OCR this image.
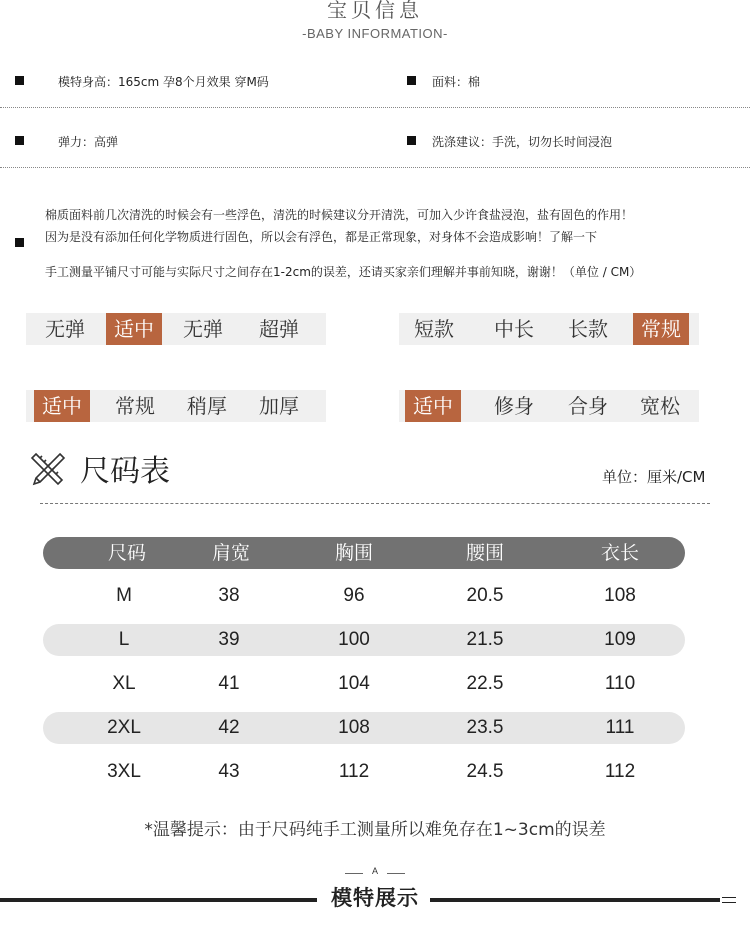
宝贝信息
-BABY INFORMATION-
模特身高：165cm 孕8个月效果 穿M码	面料：棉
弹力：高弹	洗涤建议：手洗，切勿长时间浸泡
棉质面料前几次清洗的时候会有一些浮色，清洗的时候建议分开清洗，可加入少许食盐浸泡，盐有固色的作用！
因为是没有添加任何化学物质进行固色，所以会有浮色，都是正常现象，对身体不会造成影响！了解一下
手工测量平铺尺寸可能与实际尺寸之间存在1-2cm的误差，还请买家亲们理解并事前知晓，谢谢！（单位 / CM）
无弹	适中	无弹	超弹	短款	中长	长款	常规
适中	常规	稍厚	加厚	适中	修身	合身	宽松
尺码表	单位：厘米/CM
尺码	肩宽	胸围	腰围	衣长
M	38	96	20.5	108
L	39	100	21.5	109
XL	41	104	22.5	110
2XL	42	108	23.5	111
3XL	43	112	24.5	112
*温馨提示：由于尺码纯手工测量所以难免存在1~3cm的误差
A
模特展示
